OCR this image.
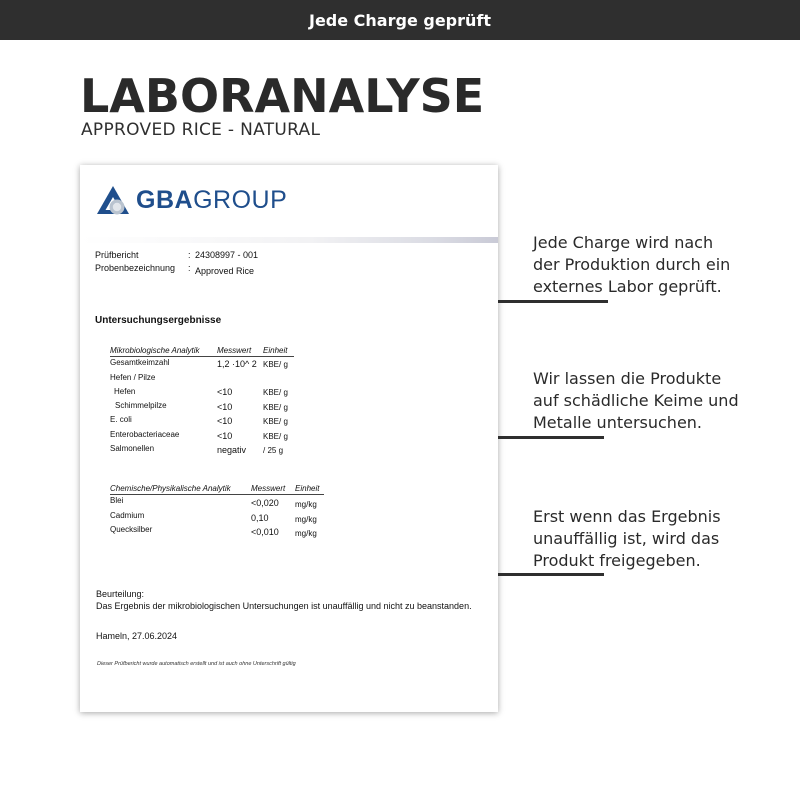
Jede Charge geprüft
LABORANALYSE
APPROVED RICE - NATURAL
GBAGROUP
Prüfbericht	: 24308997 - 001
Probenbezeichnung : Approved Rice
Untersuchungsergebnisse
Mikrobiologische Analytik Messwert Einheit
Gesamtkeimzahl	1,2 ·10^ 2 KBE/ g
Hefen / Pilze
Hefen	<10	KBE/ g
Schimmelpilze	<10	KBE/ g
E. coli	<10	KBE/ g
Enterobacteriaceae	<10	KBE/ g
Salmonellen	negativ / 25 g
Chemische/Physikalische Analytik	Messwert Einheit
Blei	<0,020 mg/kg
Cadmium	0,10	mg/kg
Quecksilber	<0,010 mg/kg
Beurteilung:
Das Ergebnis der mikrobiologischen Untersuchungen ist unauffällig und nicht zu beanstanden.
Hameln, 27.06.2024
Dieser Prüfbericht wurde automatisch erstellt und ist auch ohne Unterschrift gültig
Jede Charge wird nach
der Produktion durch ein
externes Labor geprüft.
Wir lassen die Produkte
auf schädliche Keime und
Metalle untersuchen.
Erst wenn das Ergebnis
unauffällig ist, wird das
Produkt freigegeben.
